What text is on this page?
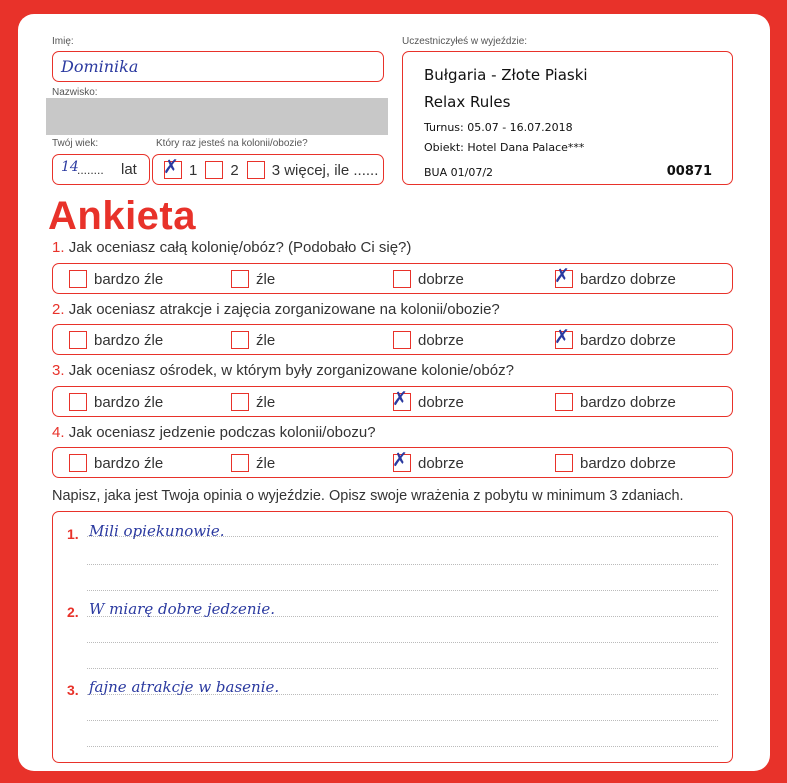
Imię:
Dominika
Nazwisko:
Twój wiek:
14
........ lat
Który raz jesteś na kolonii/obozie?
✗ 1 2 3 więcej, ile ......
Uczestniczyłeś w wyjeździe:
Bułgaria - Złote Piaski
Relax Rules
Turnus: 05.07 - 16.07.2018
Obiekt: Hotel Dana Palace***
BUA 01/07/2	00871
Ankieta
1. Jak oceniasz całą kolonię/obóz? (Podobało Ci się?)
bardzo źle	źle	dobrze	✗ bardzo dobrze
2. Jak oceniasz atrakcje i zajęcia zorganizowane na kolonii/obozie?
bardzo źle	źle	dobrze	✗ bardzo dobrze
3. Jak oceniasz ośrodek, w którym były zorganizowane kolonie/obóz?
bardzo źle	źle	✗ dobrze	bardzo dobrze
4. Jak oceniasz jedzenie podczas kolonii/obozu?
bardzo źle	źle	✗ dobrze	bardzo dobrze
Napisz, jaka jest Twoja opinia o wyjeździe. Opisz swoje wrażenia z pobytu w minimum 3 zdaniach.
1. Mili opiekunowie.
2. W miarę dobre jedzenie.
3. fajne atrakcje w basenie.
